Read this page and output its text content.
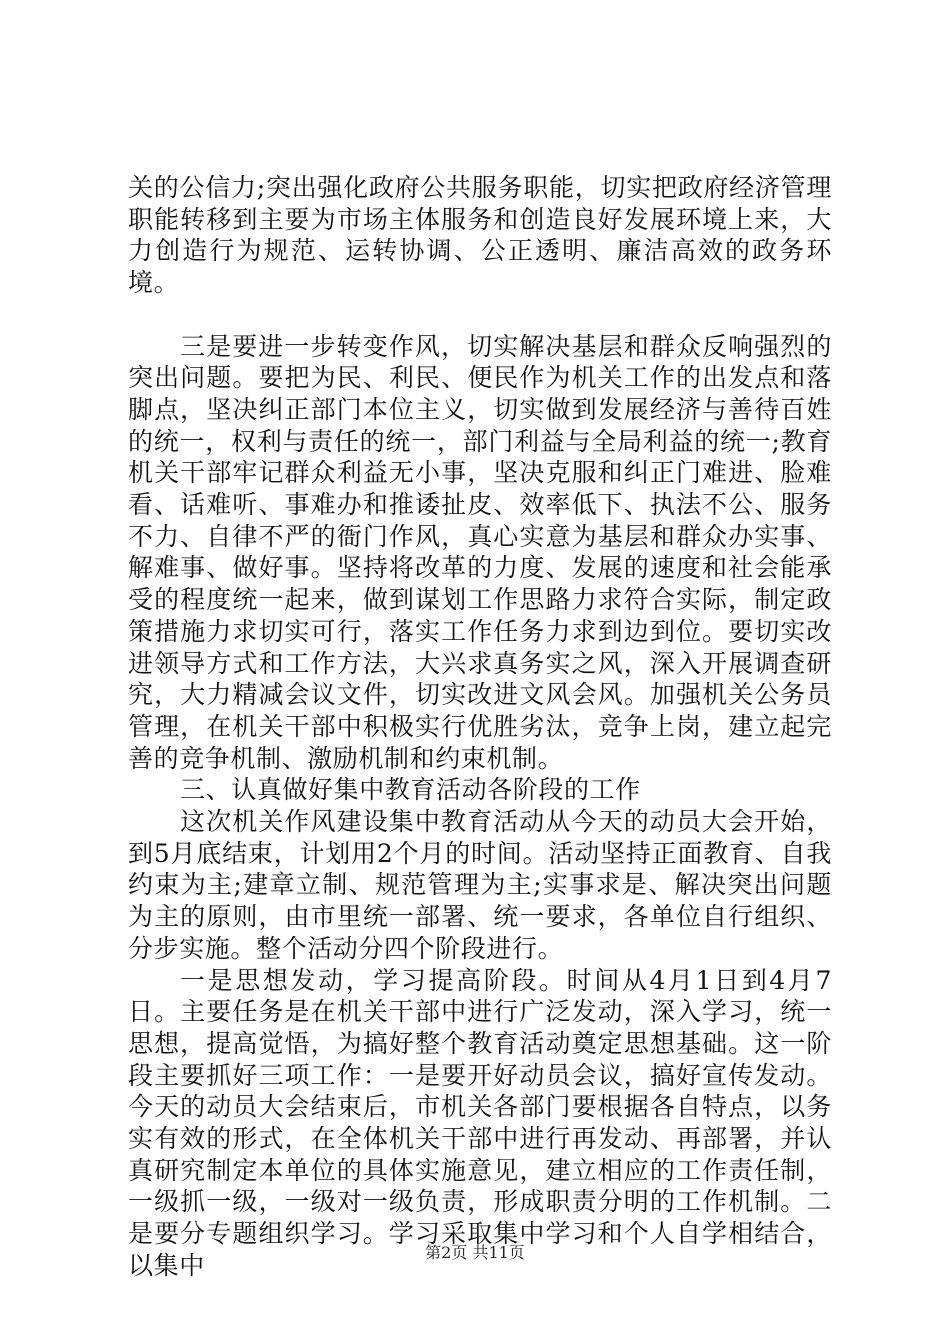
关的公信力;突出强化政府公共服务职能，切实把政府经济管理职能转移到主要为市场主体服务和创造良好发展环境上来，大力创造行为规范、运转协调、公正透明、廉洁高效的政务环境。

三是要进一步转变作风，切实解决基层和群众反响强烈的突出问题。要把为民、利民、便民作为机关工作的出发点和落脚点，坚决纠正部门本位主义，切实做到发展经济与善待百姓的统一，权利与责任的统一，部门利益与全局利益的统一;教育机关干部牢记群众利益无小事，坚决克服和纠正门难进、脸难看、话难听、事难办和推诿扯皮、效率低下、执法不公、服务不力、自律不严的衙门作风，真心实意为基层和群众办实事、解难事、做好事。坚持将改革的力度、发展的速度和社会能承受的程度统一起来，做到谋划工作思路力求符合实际，制定政策措施力求切实可行，落实工作任务力求到边到位。要切实改进领导方式和工作方法，大兴求真务实之风，深入开展调查研究，大力精减会议文件，切实改进文风会风。加强机关公务员管理，在机关干部中积极实行优胜劣汰，竞争上岗，建立起完善的竞争机制、激励机制和约束机制。

三、认真做好集中教育活动各阶段的工作

这次机关作风建设集中教育活动从今天的动员大会开始，到5月底结束，计划用2个月的时间。活动坚持正面教育、自我约束为主;建章立制、规范管理为主;实事求是、解决突出问题为主的原则，由市里统一部署、统一要求，各单位自行组织、分步实施。整个活动分四个阶段进行。

一是思想发动，学习提高阶段。时间从4月1日到4月7日。主要任务是在机关干部中进行广泛发动，深入学习，统一思想，提高觉悟，为搞好整个教育活动奠定思想基础。这一阶段主要抓好三项工作：一是要开好动员会议，搞好宣传发动。今天的动员大会结束后，市机关各部门要根据各自特点，以务实有效的形式，在全体机关干部中进行再发动、再部署，并认真研究制定本单位的具体实施意见，建立相应的工作责任制，一级抓一级，一级对一级负责，形成职责分明的工作机制。二是要分专题组织学习。学习采取集中学习和个人自学相结合，以集中	第2页 共11页
